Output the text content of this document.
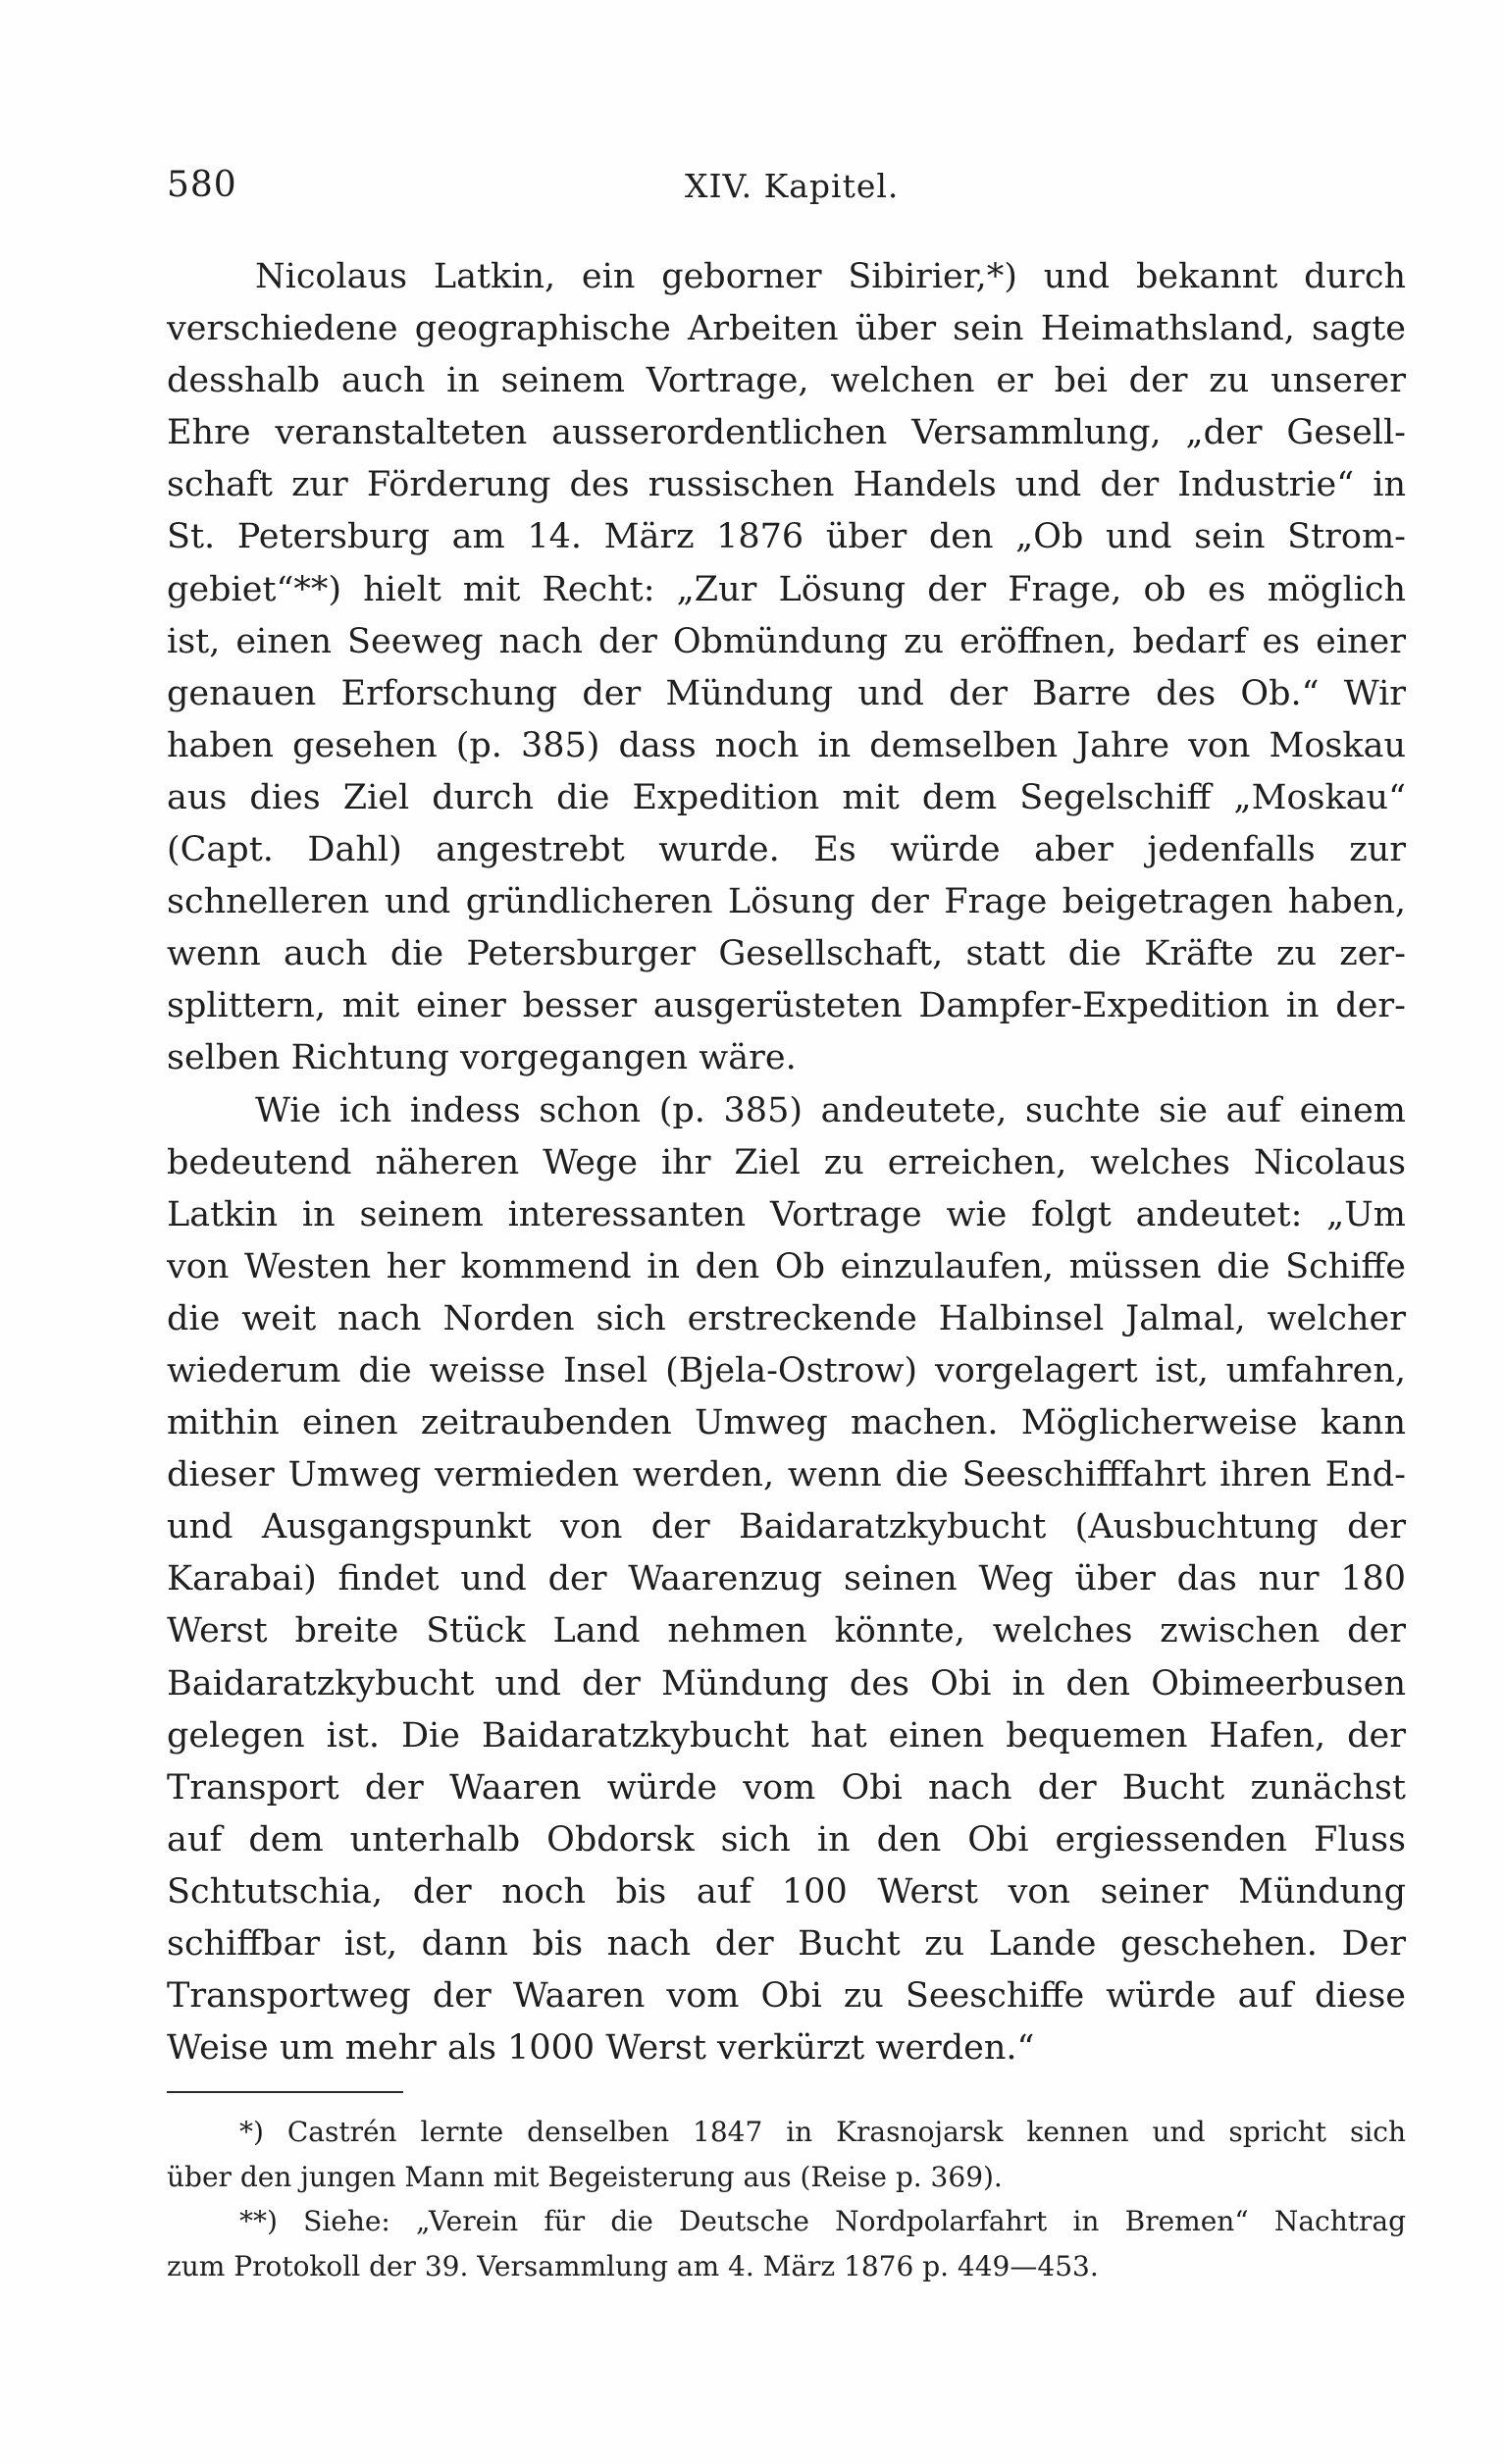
580	XIV. Kapitel.
Nicolaus Latkin, ein geborner Sibirier,*) und bekannt durch
verschiedene geographische Arbeiten über sein Heimathsland, sagte
desshalb auch in seinem Vortrage, welchen er bei der zu unserer
Ehre veranstalteten ausserordentlichen Versammlung, „der Gesell-
schaft zur Förderung des russischen Handels und der Industrie“ in
St. Petersburg am 14. März 1876 über den „Ob und sein Strom-
gebiet“**) hielt mit Recht: „Zur Lösung der Frage, ob es möglich
ist, einen Seeweg nach der Obmündung zu eröffnen, bedarf es einer
genauen Erforschung der Mündung und der Barre des Ob.“ Wir
haben gesehen (p. 385) dass noch in demselben Jahre von Moskau
aus dies Ziel durch die Expedition mit dem Segelschiff „Moskau“
(Capt. Dahl) angestrebt wurde. Es würde aber jedenfalls zur
schnelleren und gründlicheren Lösung der Frage beigetragen haben,
wenn auch die Petersburger Gesellschaft, statt die Kräfte zu zer-
splittern, mit einer besser ausgerüsteten Dampfer-Expedition in der-
selben Richtung vorgegangen wäre.
Wie ich indess schon (p. 385) andeutete, suchte sie auf einem
bedeutend näheren Wege ihr Ziel zu erreichen, welches Nicolaus
Latkin in seinem interessanten Vortrage wie folgt andeutet: „Um
von Westen her kommend in den Ob einzulaufen, müssen die Schiffe
die weit nach Norden sich erstreckende Halbinsel Jalmal, welcher
wiederum die weisse Insel (Bjela-Ostrow) vorgelagert ist, umfahren,
mithin einen zeitraubenden Umweg machen. Möglicherweise kann
dieser Umweg vermieden werden, wenn die Seeschifffahrt ihren End-
und Ausgangspunkt von der Baidaratzkybucht (Ausbuchtung der
Karabai) findet und der Waarenzug seinen Weg über das nur 180
Werst breite Stück Land nehmen könnte, welches zwischen der
Baidaratzkybucht und der Mündung des Obi in den Obimeerbusen
gelegen ist. Die Baidaratzkybucht hat einen bequemen Hafen, der
Transport der Waaren würde vom Obi nach der Bucht zunächst
auf dem unterhalb Obdorsk sich in den Obi ergiessenden Fluss
Schtutschia, der noch bis auf 100 Werst von seiner Mündung
schiffbar ist, dann bis nach der Bucht zu Lande geschehen. Der
Transportweg der Waaren vom Obi zu Seeschiffe würde auf diese
Weise um mehr als 1000 Werst verkürzt werden.“
*) Castrén lernte denselben 1847 in Krasnojarsk kennen und spricht sich
über den jungen Mann mit Begeisterung aus (Reise p. 369).
**) Siehe: „Verein für die Deutsche Nordpolarfahrt in Bremen“ Nachtrag
zum Protokoll der 39. Versammlung am 4. März 1876 p. 449—453.
